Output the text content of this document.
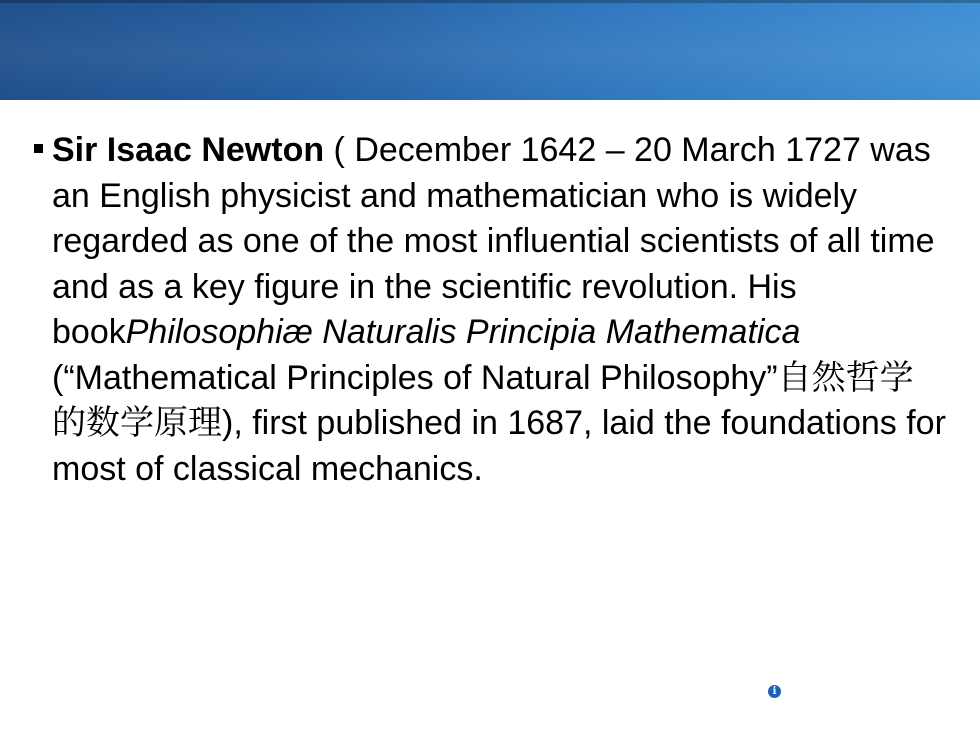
Sir Isaac Newton ( December 1642 – 20 March 1727 was an English physicist and mathematician who is widely regarded as one of the most influential scientists of all time and as a key figure in the scientific revolution. His bookPhilosophiæ Naturalis Principia Mathematica (“Mathematical Principles of Natural Philosophy”自然哲学的数学原理), first published in 1687, laid the foundations for most of classical mechanics.
i
